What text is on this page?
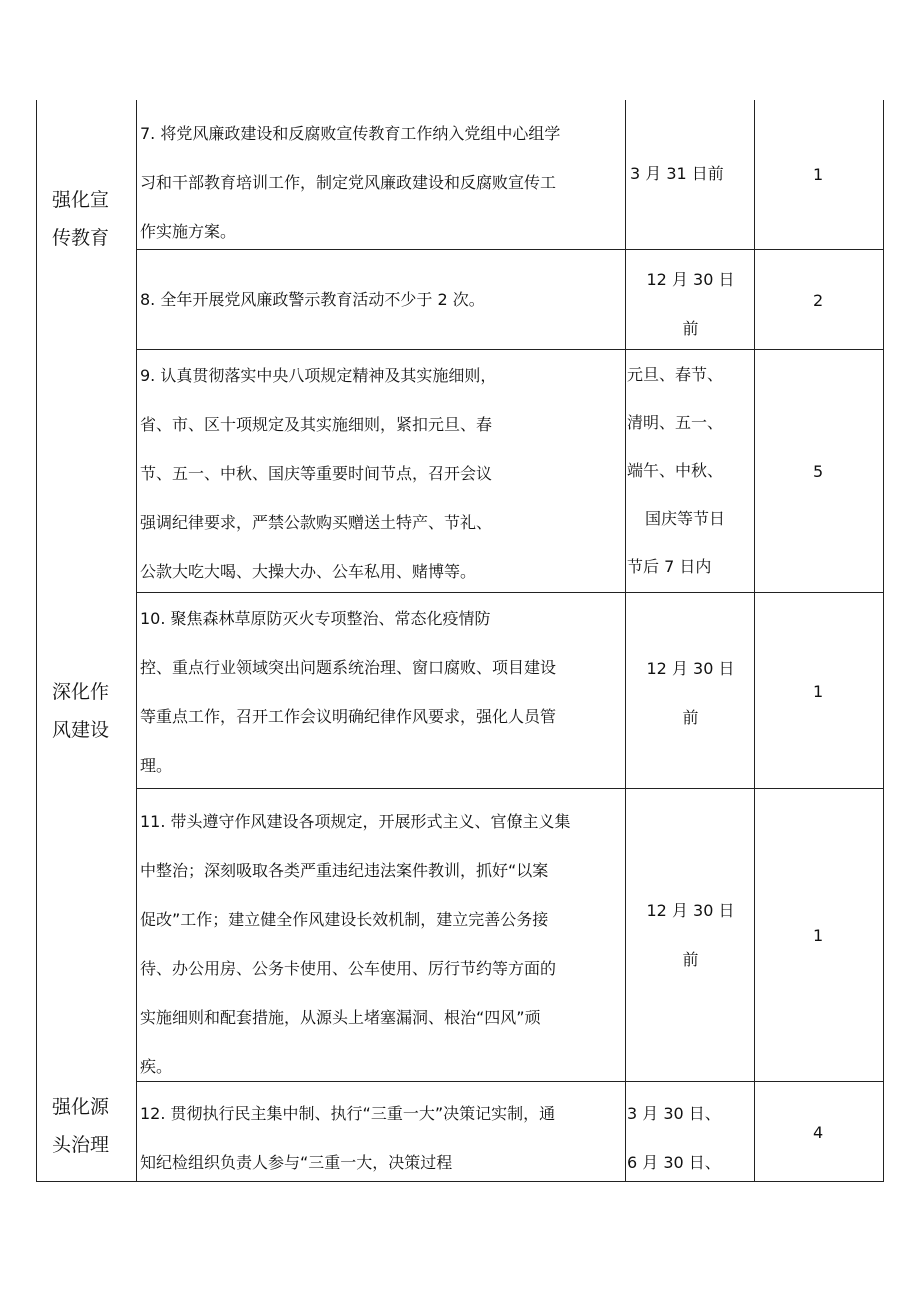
强化宣
传教育
深化作
风建设
强化源
头治理
7. 将党风廉政建设和反腐败宣传教育工作纳入党组中心组学
习和干部教育培训工作，制定党风廉政建设和反腐败宣传工
作实施方案。
3 月 31 日前	1
8. 全年开展党风廉政警示教育活动不少于 2 次。
12 月 30 日
前
2
9. 认真贯彻落实中央八项规定精神及其实施细则，
省、市、区十项规定及其实施细则，紧扣元旦、春
节、五一、中秋、国庆等重要时间节点，召开会议
强调纪律要求，严禁公款购买赠送土特产、节礼、
公款大吃大喝、大操大办、公车私用、赌博等。
元旦、春节、
清明、五一、
端午、中秋、
国庆等节日
节后 7 日内
5
10. 聚焦森林草原防灭火专项整治、常态化疫情防
控、重点行业领域突出问题系统治理、窗口腐败、项目建设
等重点工作，召开工作会议明确纪律作风要求，强化人员管
理。
12 月 30 日
前
1
11. 带头遵守作风建设各项规定，开展形式主义、官僚主义集
中整治；深刻吸取各类严重违纪违法案件教训，抓好“以案
促改”工作；建立健全作风建设长效机制，建立完善公务接
待、办公用房、公务卡使用、公车使用、厉行节约等方面的
实施细则和配套措施，从源头上堵塞漏洞、根治“四风”顽
疾。
12 月 30 日
前
1
12. 贯彻执行民主集中制、执行“三重一大”决策记实制，通
知纪检组织负责人参与“三重一大，决策过程
3 月 30 日、
6 月 30 日、
4
